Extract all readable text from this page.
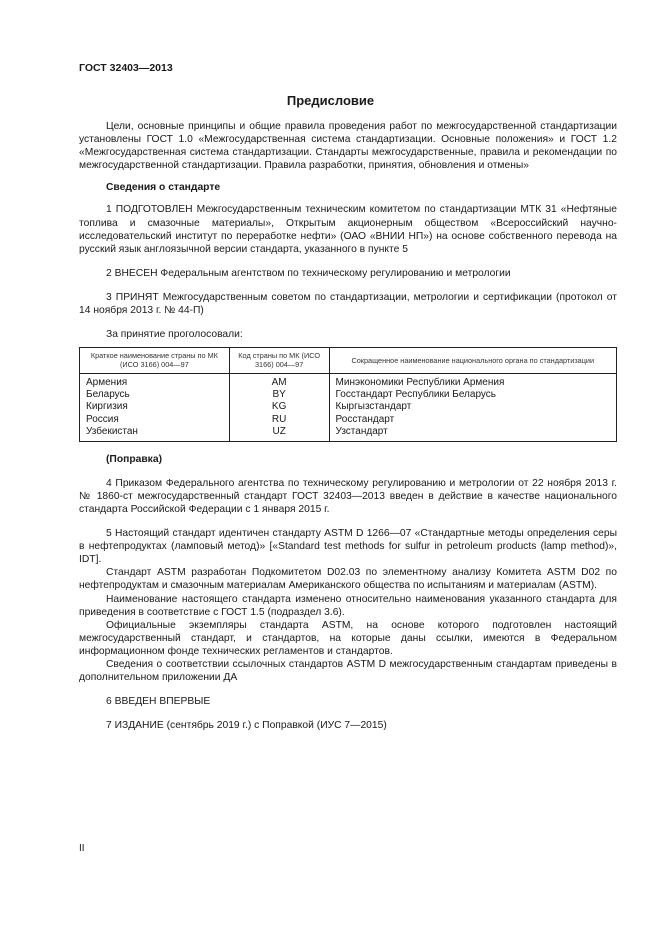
ГОСТ 32403—2013
Предисловие

Цели, основные принципы и общие правила проведения работ по межгосударственной стандартизации установлены ГОСТ 1.0 «Межгосударственная система стандартизации. Основные положения» и ГОСТ 1.2 «Межгосударственная система стандартизации. Стандарты межгосударственные, правила и рекомендации по межгосударственной стандартизации. Правила разработки, принятия, обновления и отмены»

Сведения о стандарте

1 ПОДГОТОВЛЕН Межгосударственным техническим комитетом по стандартизации МТК 31 «Нефтяные топлива и смазочные материалы», Открытым акционерным обществом «Всероссийский научно-исследовательский институт по переработке нефти» (ОАО «ВНИИ НП») на основе собственного перевода на русский язык англоязычной версии стандарта, указанного в пункте 5

2 ВНЕСЕН Федеральным агентством по техническому регулированию и метрологии

3 ПРИНЯТ Межгосударственным советом по стандартизации, метрологии и сертификации (протокол от 14 ноября 2013 г. № 44-П)

За принятие проголосовали:

Краткое наименование страны по МК (ИСО 3166) 004—97	Код страны по МК (ИСО 3166) 004—97	Сокращенное наименование национального органа по стандартизации
Армения	AM	Минэкономики Республики Армения
Беларусь	BY	Госстандарт Республики Беларусь
Киргизия	KG	Кыргызстандарт
Россия	RU	Росстандарт
Узбекистан	UZ	Узстандарт

(Поправка)

4 Приказом Федерального агентства по техническому регулированию и метрологии от 22 ноября 2013 г. № 1860-ст межгосударственный стандарт ГОСТ 32403—2013 введен в действие в качестве национального стандарта Российской Федерации с 1 января 2015 г.

5 Настоящий стандарт идентичен стандарту ASTM D 1266—07 «Стандартные методы определения серы в нефтепродуктах (ламповый метод)» [«Standard test methods for sulfur in petroleum products (lamp method)», IDT].

Стандарт ASTM разработан Подкомитетом D02.03 по элементному анализу Комитета ASTM D02 по нефтепродуктам и смазочным материалам Американского общества по испытаниям и материалам (ASTM).

Наименование настоящего стандарта изменено относительно наименования указанного стандарта для приведения в соответствие с ГОСТ 1.5 (подраздел 3.6).

Официальные экземпляры стандарта ASTM, на основе которого подготовлен настоящий межгосударственный стандарт, и стандартов, на которые даны ссылки, имеются в Федеральном информационном фонде технических регламентов и стандартов.

Сведения о соответствии ссылочных стандартов ASTM D межгосударственным стандартам приведены в дополнительном приложении ДА

6 ВВЕДЕН ВПЕРВЫЕ

7 ИЗДАНИЕ (сентябрь 2019 г.) с Поправкой (ИУС 7—2015)

II
